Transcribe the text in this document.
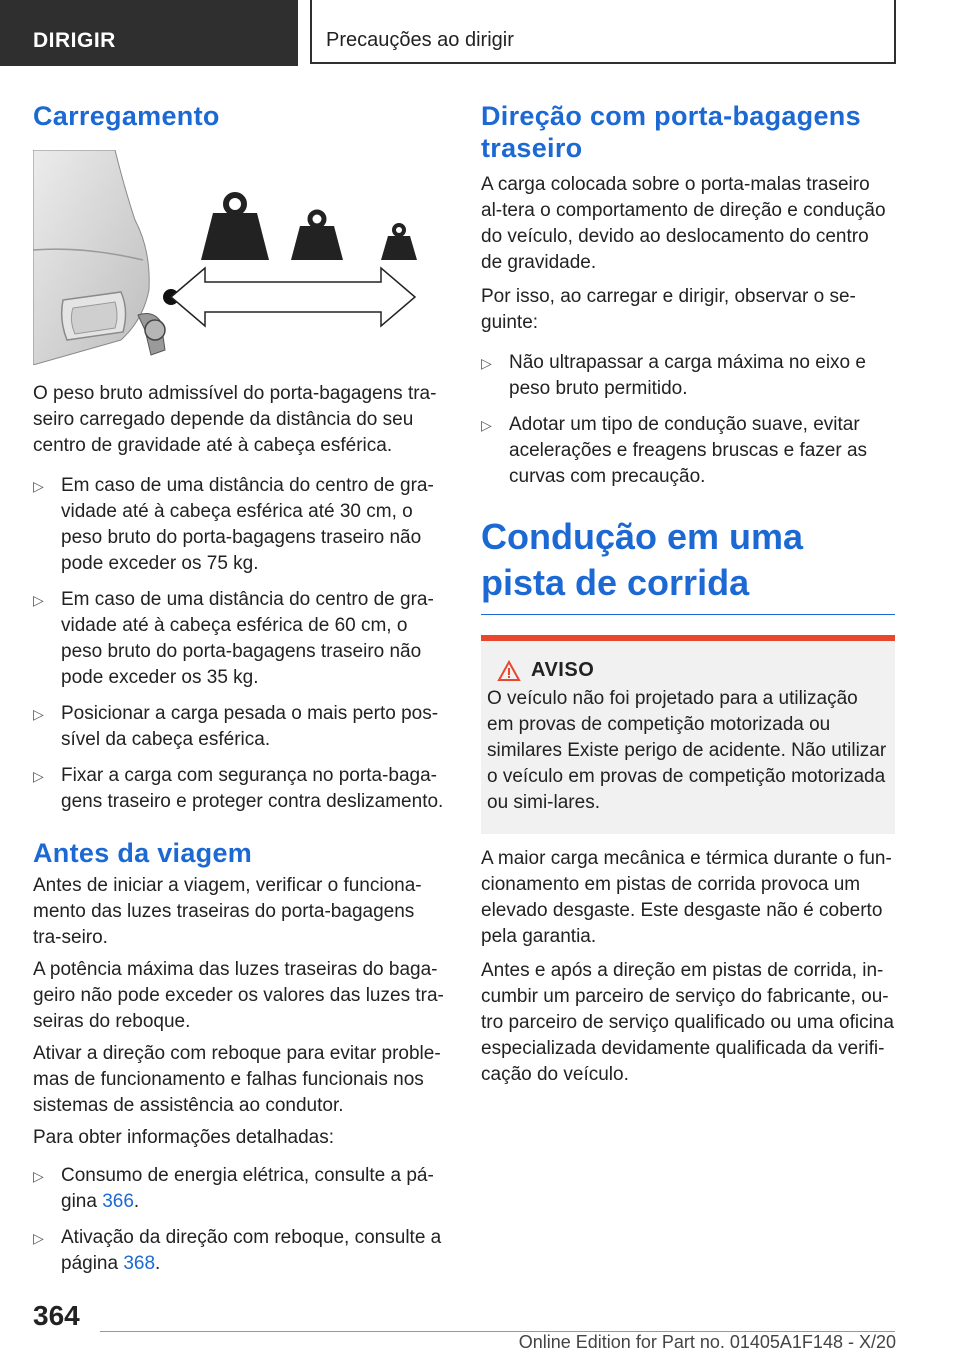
DIRIGIR	Precauções ao dirigir
Carregamento

O peso bruto admissível do porta-bagagens tra-seiro carregado depende da distância do seu centro de gravidade até à cabeça esférica.

▷ Em caso de uma distância do centro de gra-vidade até à cabeça esférica até 30 cm, o peso bruto do porta-bagagens traseiro não pode exceder os 75 kg.
▷ Em caso de uma distância do centro de gra-vidade até à cabeça esférica de 60 cm, o peso bruto do porta-bagagens traseiro não pode exceder os 35 kg.
▷ Posicionar a carga pesada o mais perto pos-sível da cabeça esférica.
▷ Fixar a carga com segurança no porta-baga-gens traseiro e proteger contra deslizamento.
Antes da viagem

Antes de iniciar a viagem, verificar o funciona-mento das luzes traseiras do porta-bagagens tra-seiro.

A potência máxima das luzes traseiras do baga-geiro não pode exceder os valores das luzes tra-seiras do reboque.

Ativar a direção com reboque para evitar proble-mas de funcionamento e falhas funcionais nos sistemas de assistência ao condutor.

Para obter informações detalhadas:

▷ Consumo de energia elétrica, consulte a pá-gina 366.
▷ Ativação da direção com reboque, consulte a página 368.
Direção com porta-bagagens traseiro

A carga colocada sobre o porta-malas traseiro al-tera o comportamento de direção e condução do veículo, devido ao deslocamento do centro de gravidade.

Por isso, ao carregar e dirigir, observar o se-guinte:

▷ Não ultrapassar a carga máxima no eixo e peso bruto permitido.
▷ Adotar um tipo de condução suave, evitar acelerações e freagens bruscas e fazer as curvas com precaução.
Condução em uma pista de corrida
AVISO

O veículo não foi projetado para a utilização em provas de competição motorizada ou similares Existe perigo de acidente. Não utilizar o veículo em provas de competição motorizada ou simi-lares.

A maior carga mecânica e térmica durante o fun-cionamento em pistas de corrida provoca um elevado desgaste. Este desgaste não é coberto pela garantia.

Antes e após a direção em pistas de corrida, in-cumbir um parceiro de serviço do fabricante, ou-tro parceiro de serviço qualificado ou uma oficina especializada devidamente qualificada da verifi-cação do veículo.

364
Online Edition for Part no. 01405A1F148 - X/20
